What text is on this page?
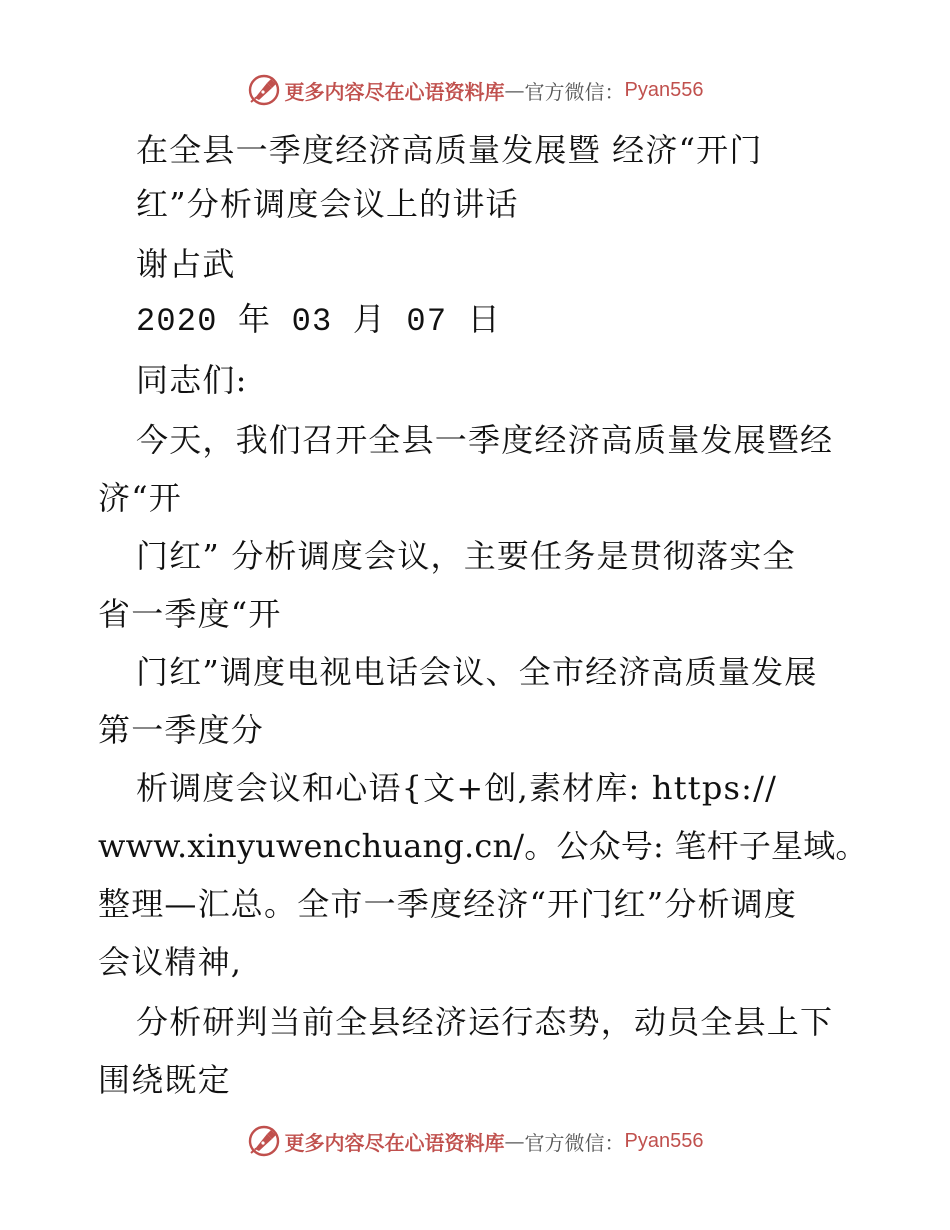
更多内容尽在心语资料库 — 官方微信： Pyan556
在全县一季度经济高质量发展暨 经济“开门
红”分析调度会议上的讲话
谢占武
2020 年 03 月 07 日
同志们:
今天，我们召开全县一季度经济高质量发展暨经
济“开
门红” 分析调度会议，主要任务是贯彻落实全
省一季度“开
门红”调度电视电话会议、全市经济高质量发展
第一季度分
析调度会议和心语{文+创,素材库: https://
www.xinyuwenchuang.cn/。公众号: 笔杆子星域。
整理—汇总。全市一季度经济“开门红”分析调度
会议精神,
分析研判当前全县经济运行态势，动员全县上下
围绕既定
更多内容尽在心语资料库 — 官方微信： Pyan556
